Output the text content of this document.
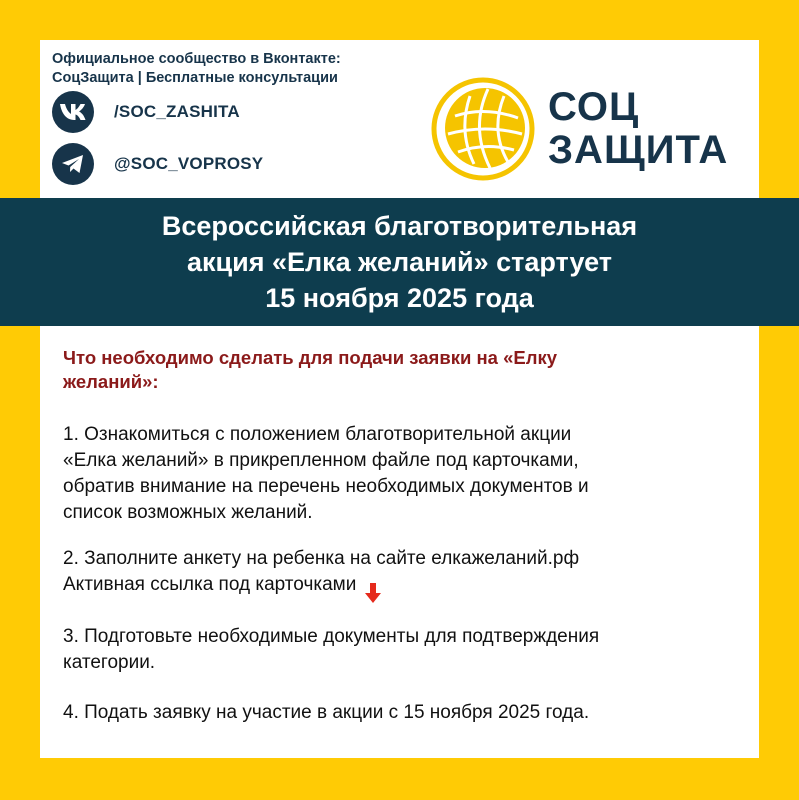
Официальное сообщество в Вконтакте:
СоцЗащита | Бесплатные консультации
/SOC_ZASHITA
@SOC_VOPROSY
СОЦ
ЗАЩИТА
Всероссийская благотворительная
акция «Елка желаний» стартует
15 ноября 2025 года
Что необходимо сделать для подачи заявки на «Елку
желаний»:
1. Ознакомиться с положением благотворительной акции
«Елка желаний» в прикрепленном файле под карточками,
обратив внимание на перечень необходимых документов и
список возможных желаний.
2. Заполните анкету на ребенка на сайте елкажеланий.рф
Активная ссылка под карточками
3. Подготовьте необходимые документы для подтверждения
категории.
4. Подать заявку на участие в акции с 15 ноября 2025 года.
